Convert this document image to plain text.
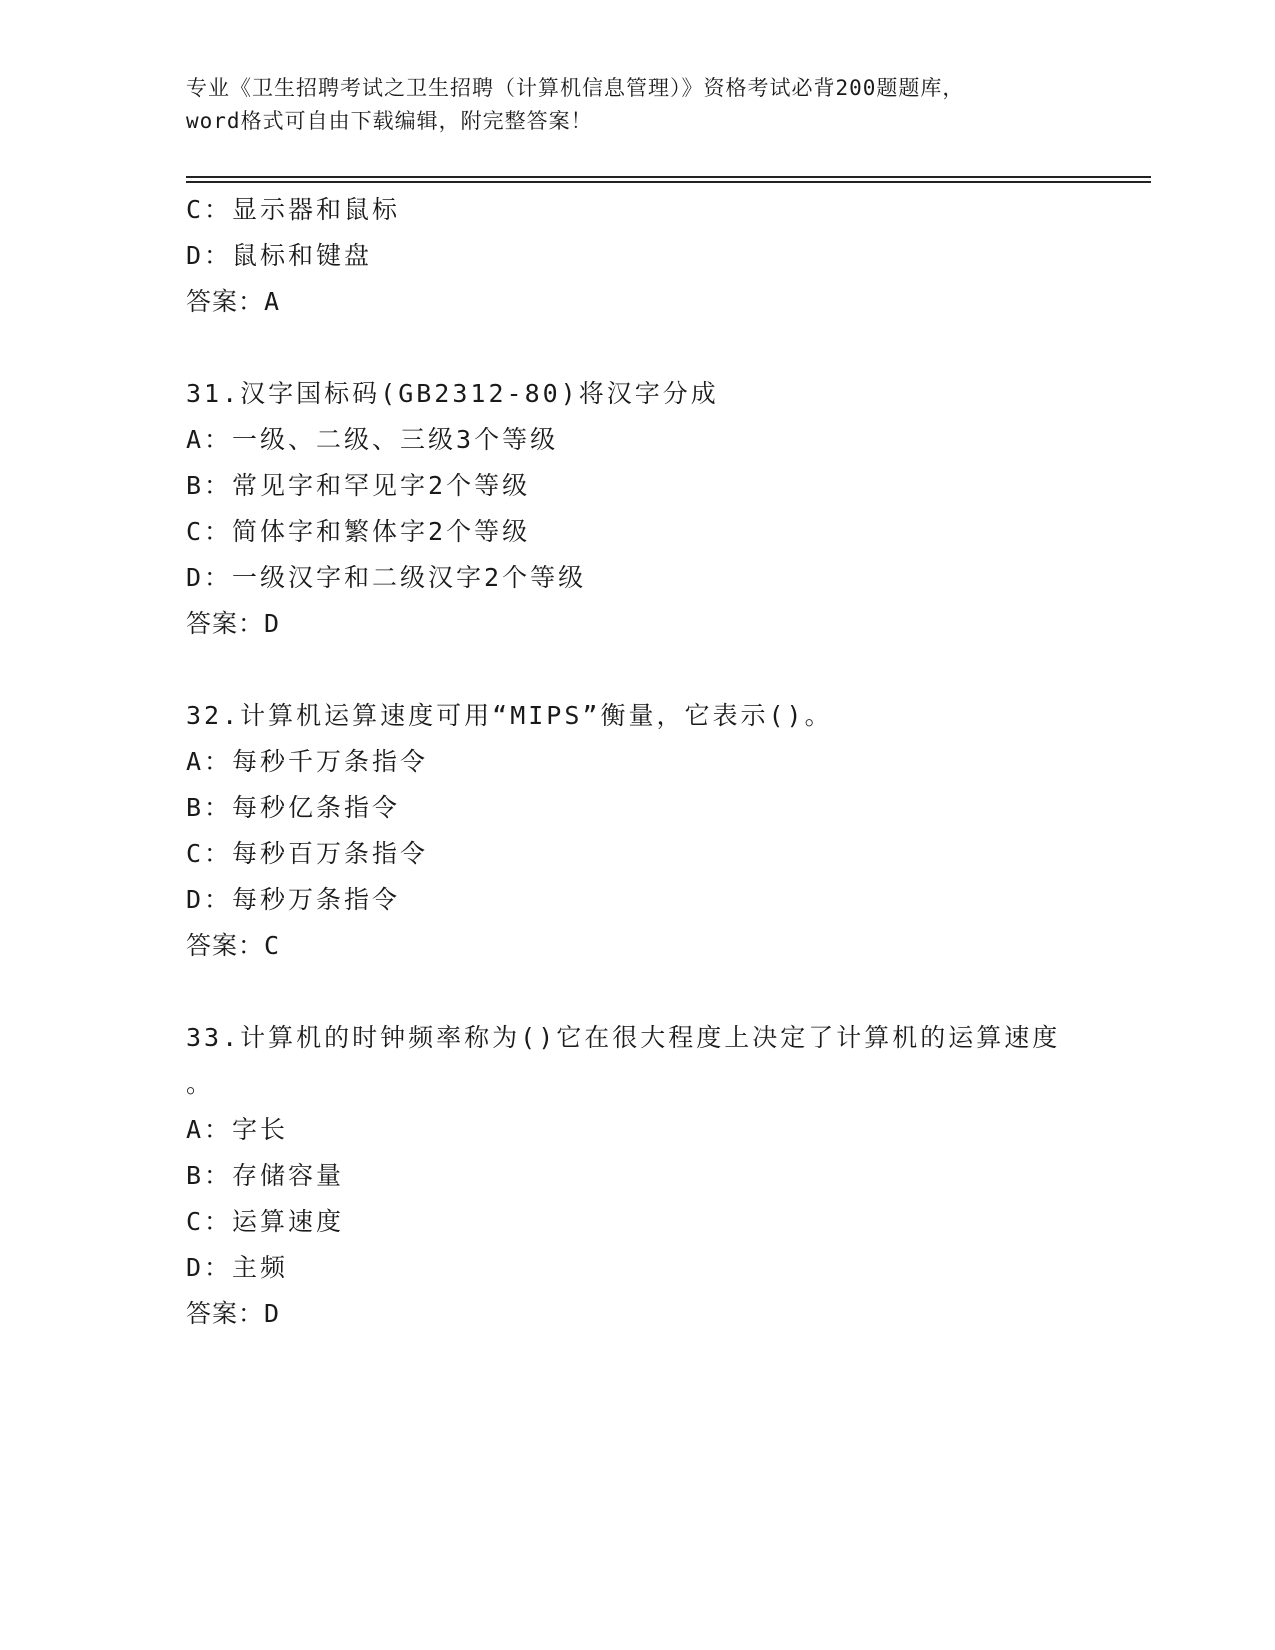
专业《卫生招聘考试之卫生招聘（计算机信息管理）》资格考试必背200题题库，
word格式可自由下载编辑，附完整答案！
C：显示器和鼠标
D：鼠标和键盘
答案：A
31.汉字国标码(GB2312-80)将汉字分成
A：一级、二级、三级3个等级
B：常见字和罕见字2个等级
C：简体字和繁体字2个等级
D：一级汉字和二级汉字2个等级
答案：D
32.计算机运算速度可用“MIPS”衡量，它表示()。
A：每秒千万条指令
B：每秒亿条指令
C：每秒百万条指令
D：每秒万条指令
答案：C
33.计算机的时钟频率称为()它在很大程度上决定了计算机的运算速度
。
A：字长
B：存储容量
C：运算速度
D：主频
答案：D
